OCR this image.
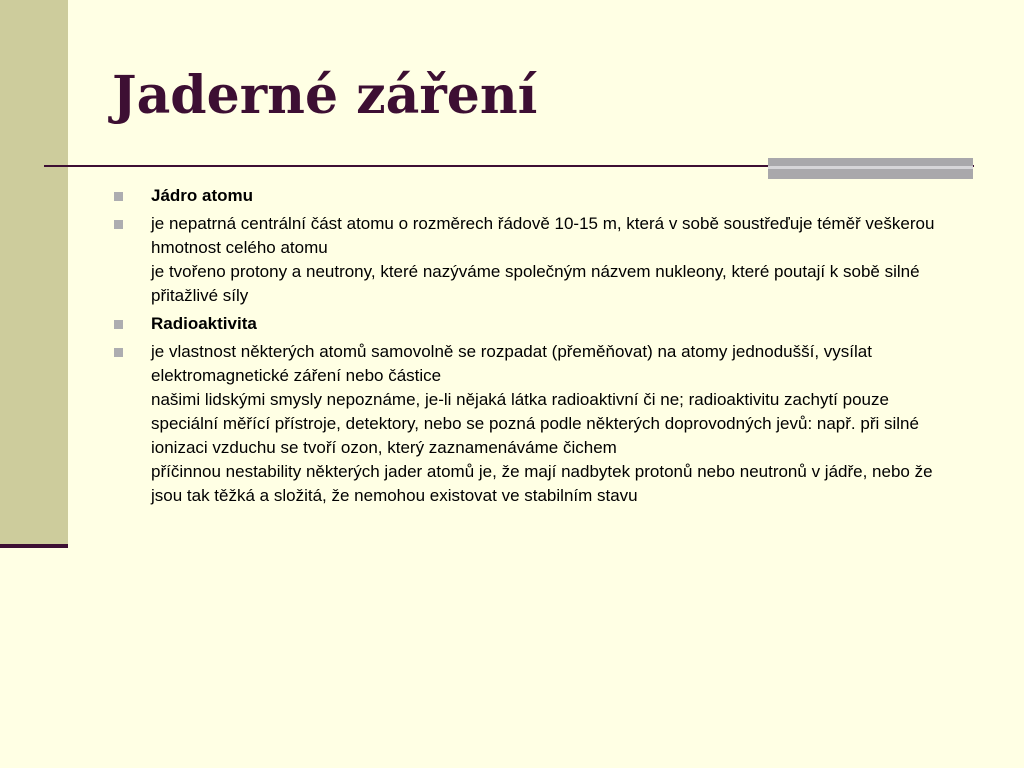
Jaderné záření

Jádro atomu

je nepatrná centrální část atomu o rozměrech řádově 10-15 m, která v sobě soustřeďuje téměř veškerou hmotnost celého atomu

je tvořeno protony a neutrony, které nazýváme společným názvem nukleony, které poutají k sobě silné přitažlivé síly

Radioaktivita

je vlastnost některých atomů samovolně se rozpadat (přeměňovat) na atomy jednodušší, vysílat elektromagnetické záření nebo částice

našimi lidskými smysly nepoznáme, je-li nějaká látka radioaktivní či ne; radioaktivitu zachytí pouze speciální měřící přístroje, detektory, nebo se pozná podle některých doprovodných jevů: např. při silné ionizaci vzduchu se tvoří ozon, který zaznamenáváme čichem

příčinnou nestability některých jader atomů je, že mají nadbytek protonů nebo neutronů v jádře, nebo že jsou tak těžká a složitá, že nemohou existovat ve stabilním stavu
